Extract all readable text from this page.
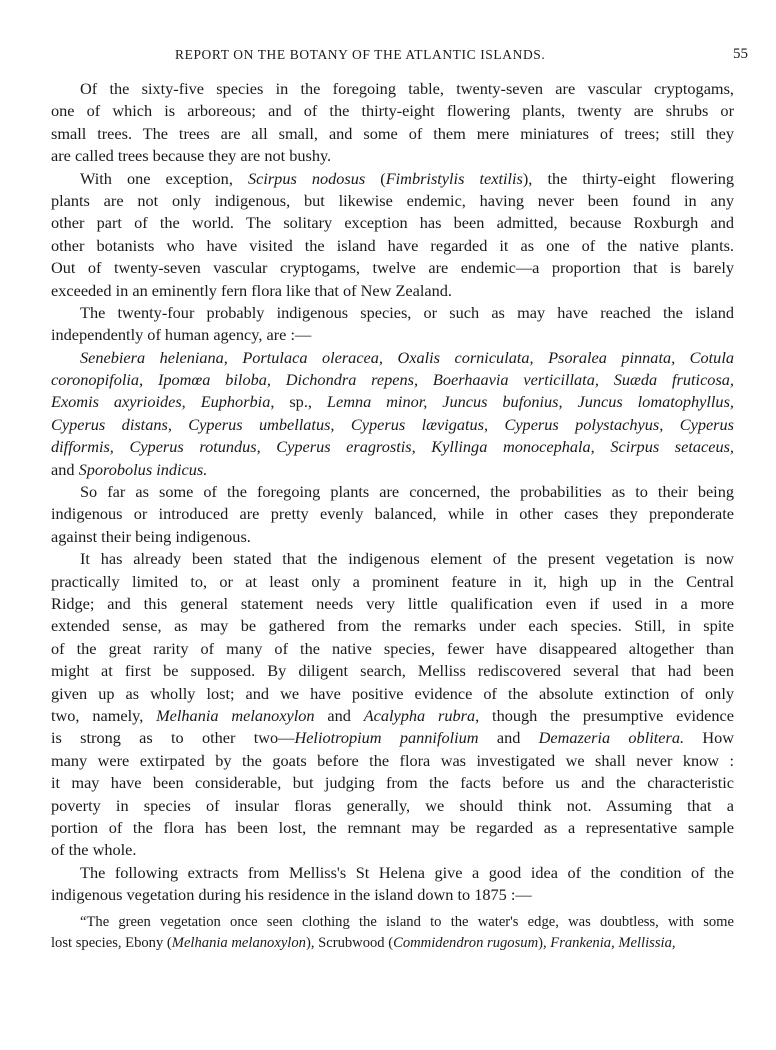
REPORT ON THE BOTANY OF THE ATLANTIC ISLANDS.	55
Of the sixty-five species in the foregoing table, twenty-seven are vascular cryptogams,
one of which is arboreous; and of the thirty-eight flowering plants, twenty are shrubs or
small trees. The trees are all small, and some of them mere miniatures of trees; still they
are called trees because they are not bushy.
With one exception, Scirpus nodosus (Fimbristylis textilis), the thirty-eight flowering
plants are not only indigenous, but likewise endemic, having never been found in any
other part of the world. The solitary exception has been admitted, because Roxburgh and
other botanists who have visited the island have regarded it as one of the native plants.
Out of twenty-seven vascular cryptogams, twelve are endemic—a proportion that is barely
exceeded in an eminently fern flora like that of New Zealand.
The twenty-four probably indigenous species, or such as may have reached the island
independently of human agency, are :—
Senebiera heleniana, Portulaca oleracea, Oxalis corniculata, Psoralea pinnata, Cotula
coronopifolia, Ipomœa biloba, Dichondra repens, Boerhaavia verticillata, Suæda fruticosa,
Exomis axyrioides, Euphorbia, sp., Lemna minor, Juncus bufonius, Juncus lomatophyllus,
Cyperus distans, Cyperus umbellatus, Cyperus lævigatus, Cyperus polystachyus, Cyperus
difformis, Cyperus rotundus, Cyperus eragrostis, Kyllinga monocephala, Scirpus setaceus,
and Sporobolus indicus.
So far as some of the foregoing plants are concerned, the probabilities as to their being
indigenous or introduced are pretty evenly balanced, while in other cases they preponderate
against their being indigenous.
It has already been stated that the indigenous element of the present vegetation is now
practically limited to, or at least only a prominent feature in it, high up in the Central
Ridge; and this general statement needs very little qualification even if used in a more
extended sense, as may be gathered from the remarks under each species. Still, in spite
of the great rarity of many of the native species, fewer have disappeared altogether than
might at first be supposed. By diligent search, Melliss rediscovered several that had been
given up as wholly lost; and we have positive evidence of the absolute extinction of only
two, namely, Melhania melanoxylon and Acalypha rubra, though the presumptive evidence
is strong as to other two—Heliotropium pannifolium and Demazeria oblitera. How
many were extirpated by the goats before the flora was investigated we shall never know :
it may have been considerable, but judging from the facts before us and the characteristic
poverty in species of insular floras generally, we should think not. Assuming that a
portion of the flora has been lost, the remnant may be regarded as a representative sample
of the whole.
The following extracts from Melliss's St Helena give a good idea of the condition of the
indigenous vegetation during his residence in the island down to 1875 :—
“The green vegetation once seen clothing the island to the water's edge, was doubtless, with some
lost species, Ebony (Melhania melanoxylon), Scrubwood (Commidendron rugosum), Frankenia, Mellissia,
